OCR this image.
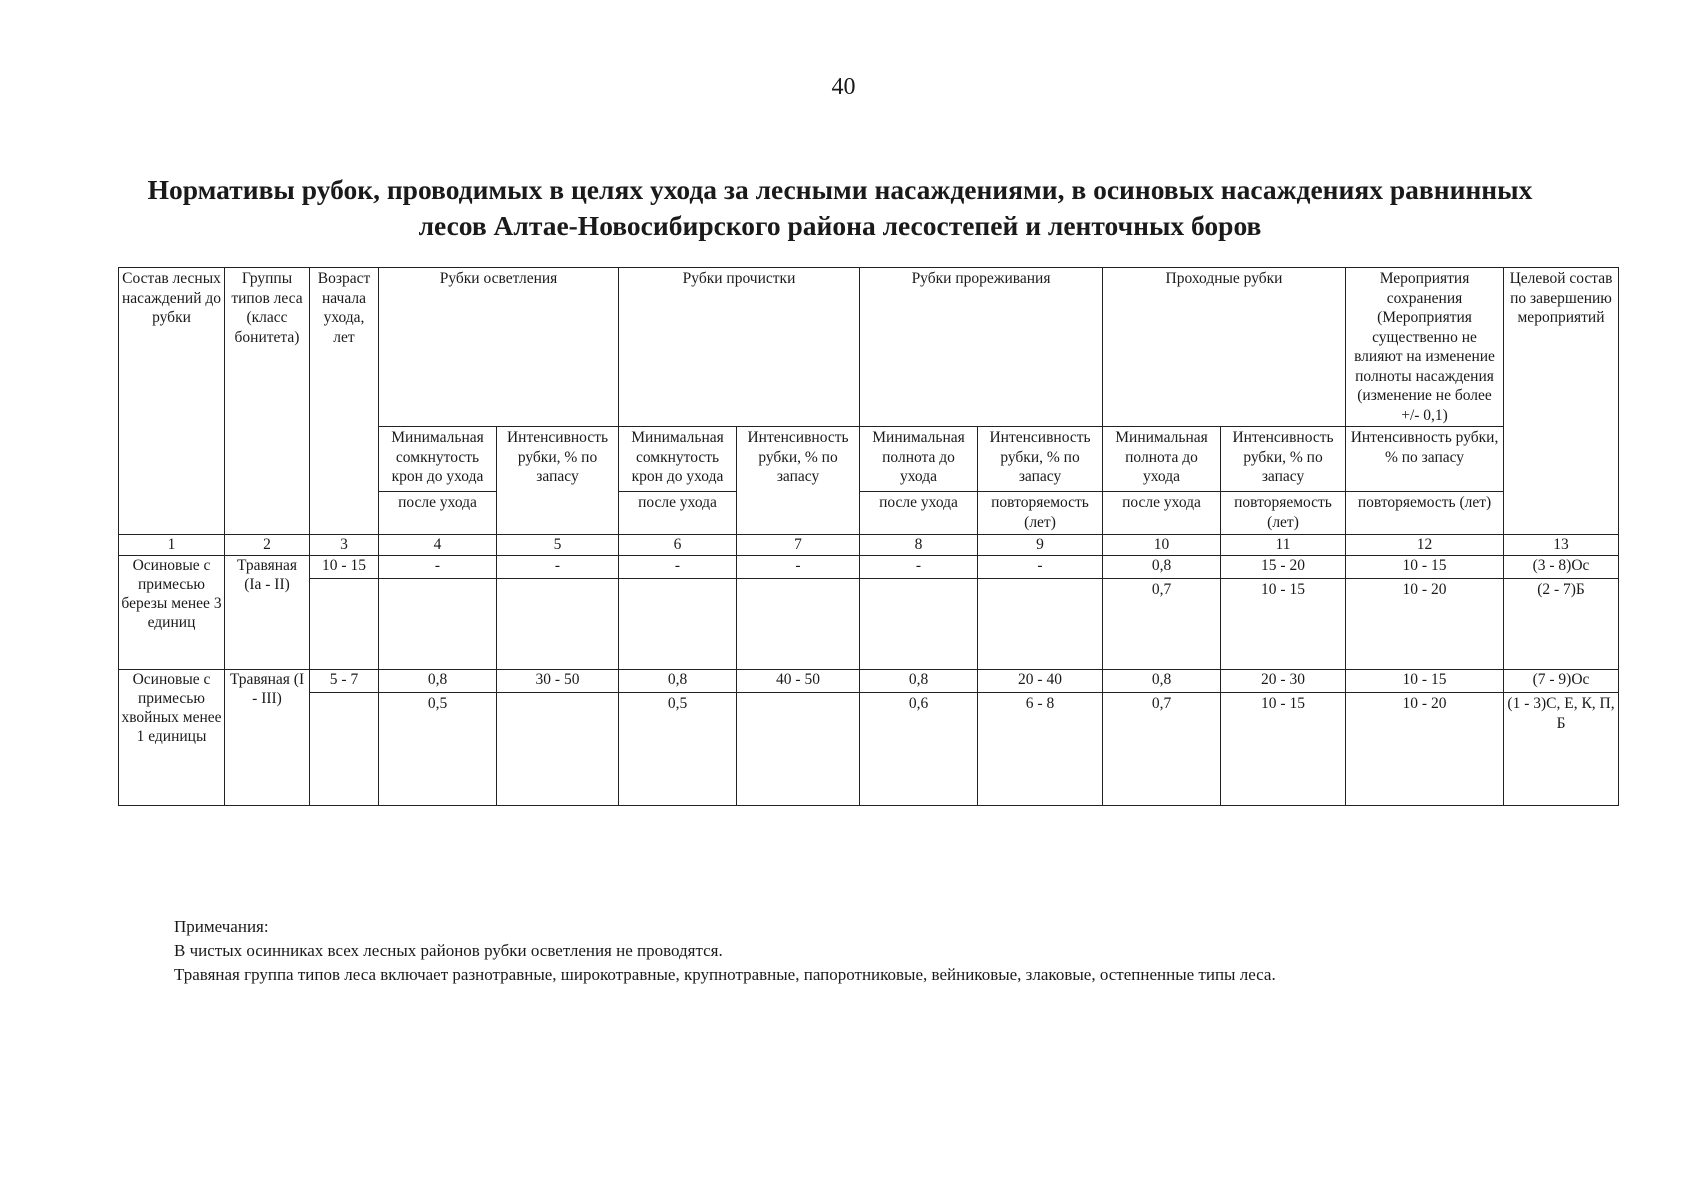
40
Нормативы рубок, проводимых в целях ухода за лесными насаждениями, в осиновых насаждениях равнинных
лесов Алтае-Новосибирского района лесостепей и ленточных боров
Состав лесных насаждений до рубки	Группы типов леса (класс бонитета)	Возраст начала ухода, лет	Рубки осветления		Рубки прочистки		Рубки прореживания		Проходные рубки		Мероприятия сохранения (Мероприятия существенно не влияют на изменение полноты насаждения (изменение не более +/- 0,1)	Целевой состав по завершению мероприятий
			Минимальная сомкнутость крон до ухода	Интенсивность рубки, % по запасу	Минимальная сомкнутость крон до ухода	Интенсивность рубки, % по запасу	Минимальная полнота до ухода	Интенсивность рубки, % по запасу	Минимальная полнота до ухода	Интенсивность рубки, % по запасу	Интенсивность рубки, % по запасу	
			после ухода		после ухода		после ухода	повторяемость (лет)	после ухода	повторяемость (лет)	повторяемость (лет)	
1	2	3	4	5	6	7	8	9	10	11	12	13
Осиновые с примесью березы менее 3 единиц	Травяная (Ia - II)	10 - 15	-	-	-	-	-	-	0,8	15 - 20	10 - 15	(3 - 8)Ос
									0,7	10 - 15	10 - 20	(2 - 7)Б
Осиновые с примесью хвойных менее 1 единицы	Травяная (I - III)	5 - 7	0,8	30 - 50	0,8	40 - 50	0,8	20 - 40	0,8	20 - 30	10 - 15	(7 - 9)Ос
			0,5		0,5		0,6	6 - 8	0,7	10 - 15	10 - 20	(1 - 3)С, Е, К, П, Б
Примечания:
В чистых осинниках всех лесных районов рубки осветления не проводятся.
Травяная группа типов леса включает разнотравные, широкотравные, крупнотравные, папоротниковые, вейниковые, злаковые, остепненные типы леса.
